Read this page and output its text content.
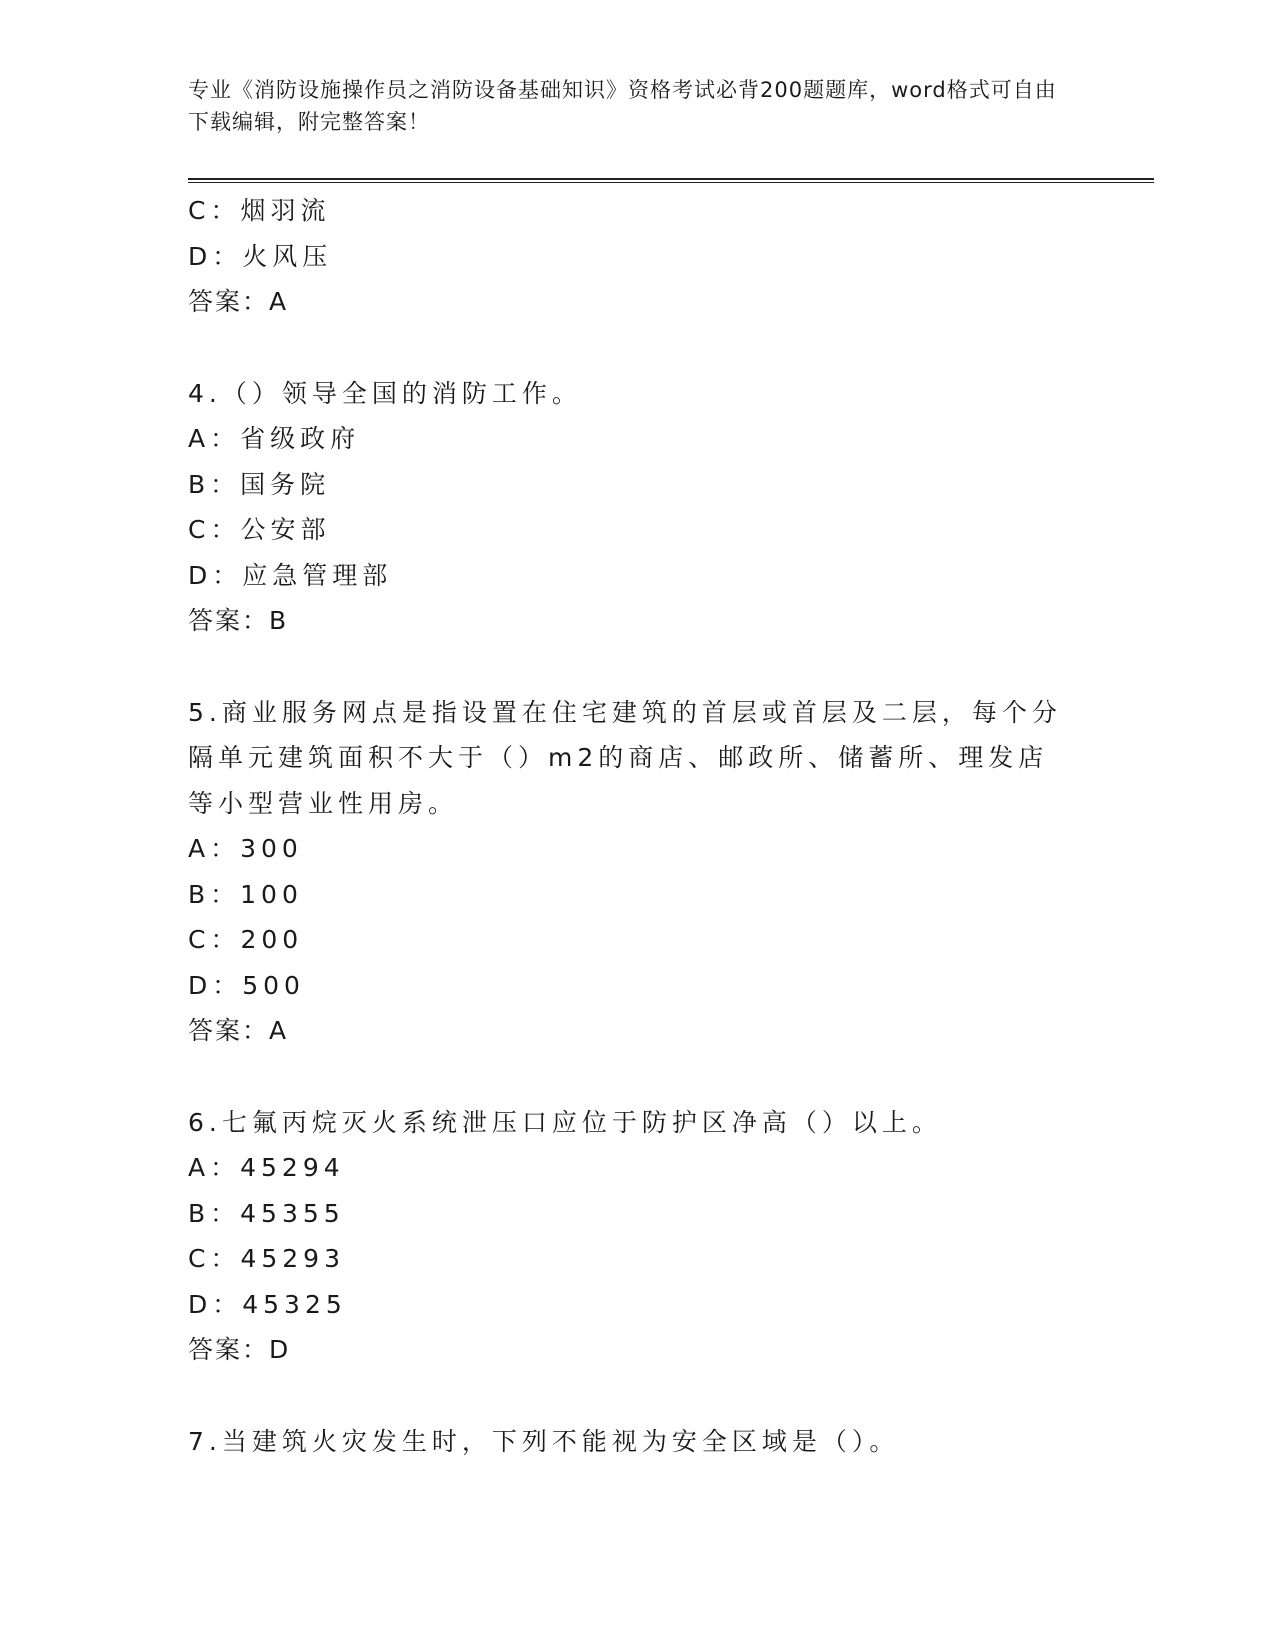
专业《消防设施操作员之消防设备基础知识》资格考试必背200题题库，word格式可自由下载编辑，附完整答案！
C：烟羽流
D：火风压
答案：A
4.（）领导全国的消防工作。
A：省级政府
B：国务院
C：公安部
D：应急管理部
答案：B
5.商业服务网点是指设置在住宅建筑的首层或首层及二层，每个分隔单元建筑面积不大于（）m2的商店、邮政所、储蓄所、理发店等小型营业性用房。
A：300
B：100
C：200
D：500
答案：A
6.七氟丙烷灭火系统泄压口应位于防护区净高（）以上。
A：45294
B：45355
C：45293
D：45325
答案：D
7.当建筑火灾发生时，下列不能视为安全区域是（）。
